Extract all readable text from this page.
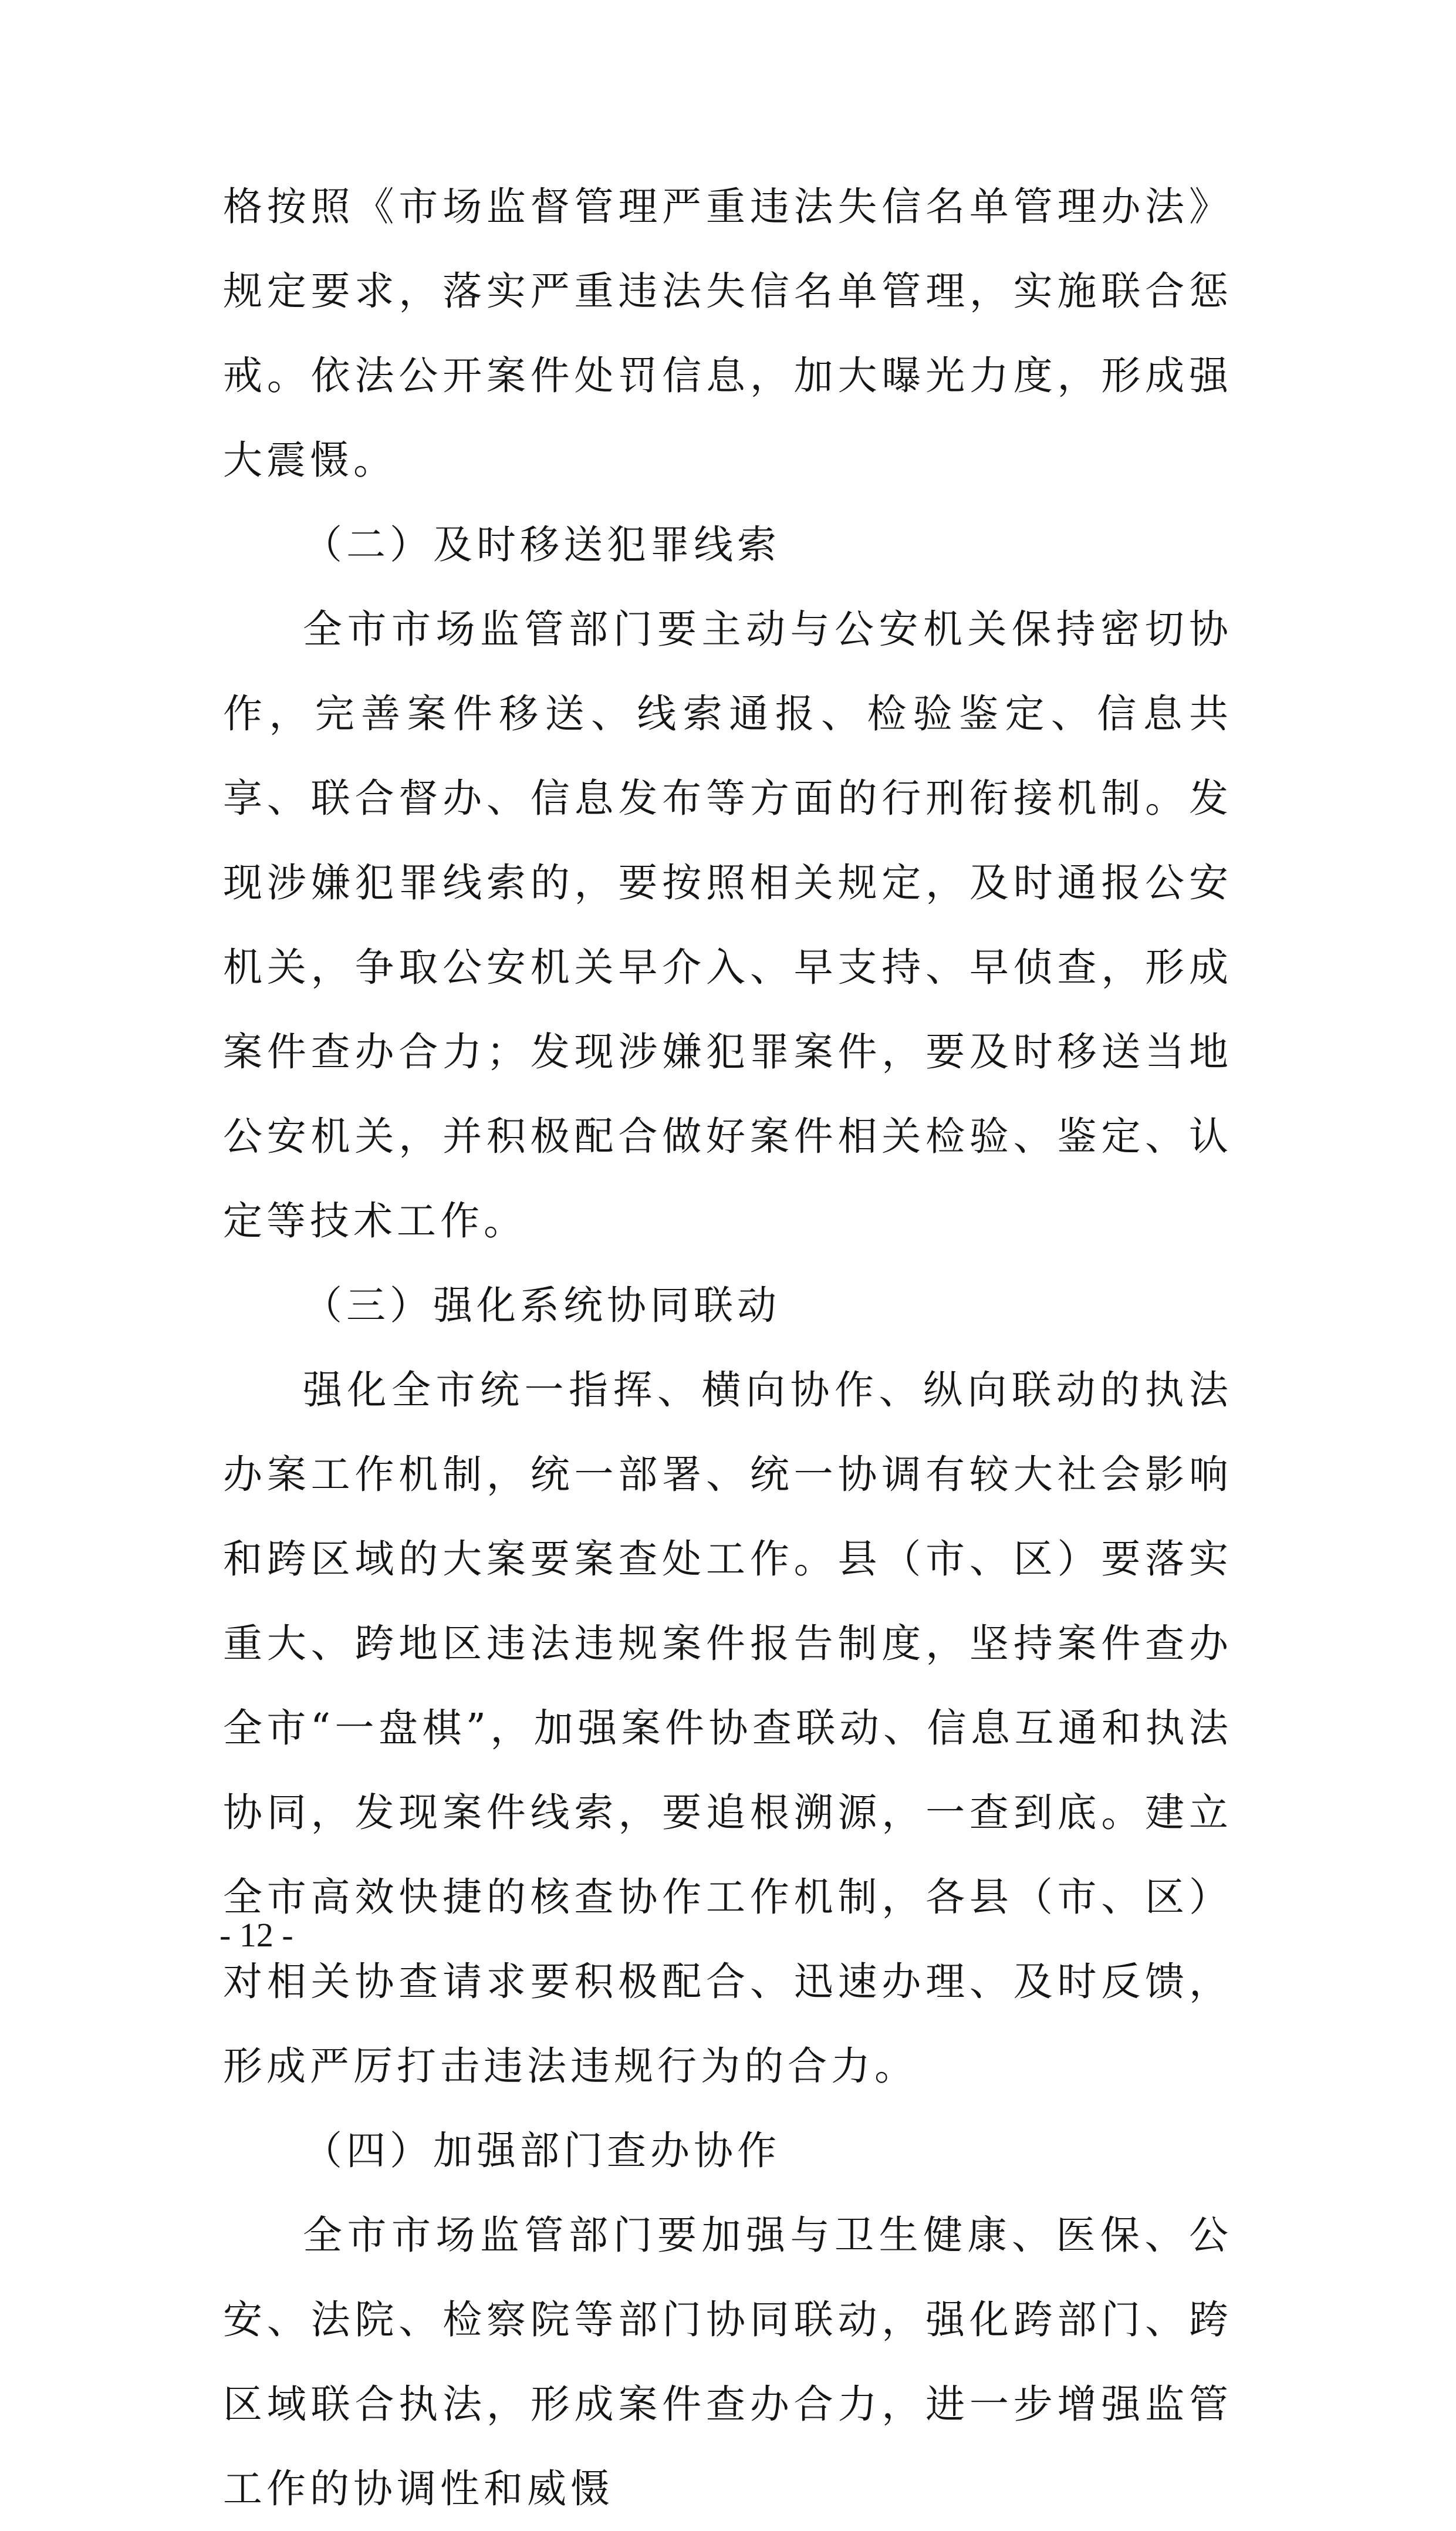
格按照《市场监督管理严重违法失信名单管理办法》规定要求，落实严重违法失信名单管理，实施联合惩戒。依法公开案件处罚信息，加大曝光力度，形成强大震慑。

（二）及时移送犯罪线索

全市市场监管部门要主动与公安机关保持密切协作，完善案件移送、线索通报、检验鉴定、信息共享、联合督办、信息发布等方面的行刑衔接机制。发现涉嫌犯罪线索的，要按照相关规定，及时通报公安机关，争取公安机关早介入、早支持、早侦查，形成案件查办合力；发现涉嫌犯罪案件，要及时移送当地公安机关，并积极配合做好案件相关检验、鉴定、认定等技术工作。

（三）强化系统协同联动

强化全市统一指挥、横向协作、纵向联动的执法办案工作机制，统一部署、统一协调有较大社会影响和跨区域的大案要案查处工作。县（市、区）要落实重大、跨地区违法违规案件报告制度，坚持案件查办全市“一盘棋”，加强案件协查联动、信息互通和执法协同，发现案件线索，要追根溯源，一查到底。建立全市高效快捷的核查协作工作机制，各县（市、区）对相关协查请求要积极配合、迅速办理、及时反馈，形成严厉打击违法违规行为的合力。

（四）加强部门查办协作

全市市场监管部门要加强与卫生健康、医保、公安、法院、检察院等部门协同联动，强化跨部门、跨区域联合执法，形成案件查办合力，进一步增强监管工作的协调性和威慑

- 12 -
